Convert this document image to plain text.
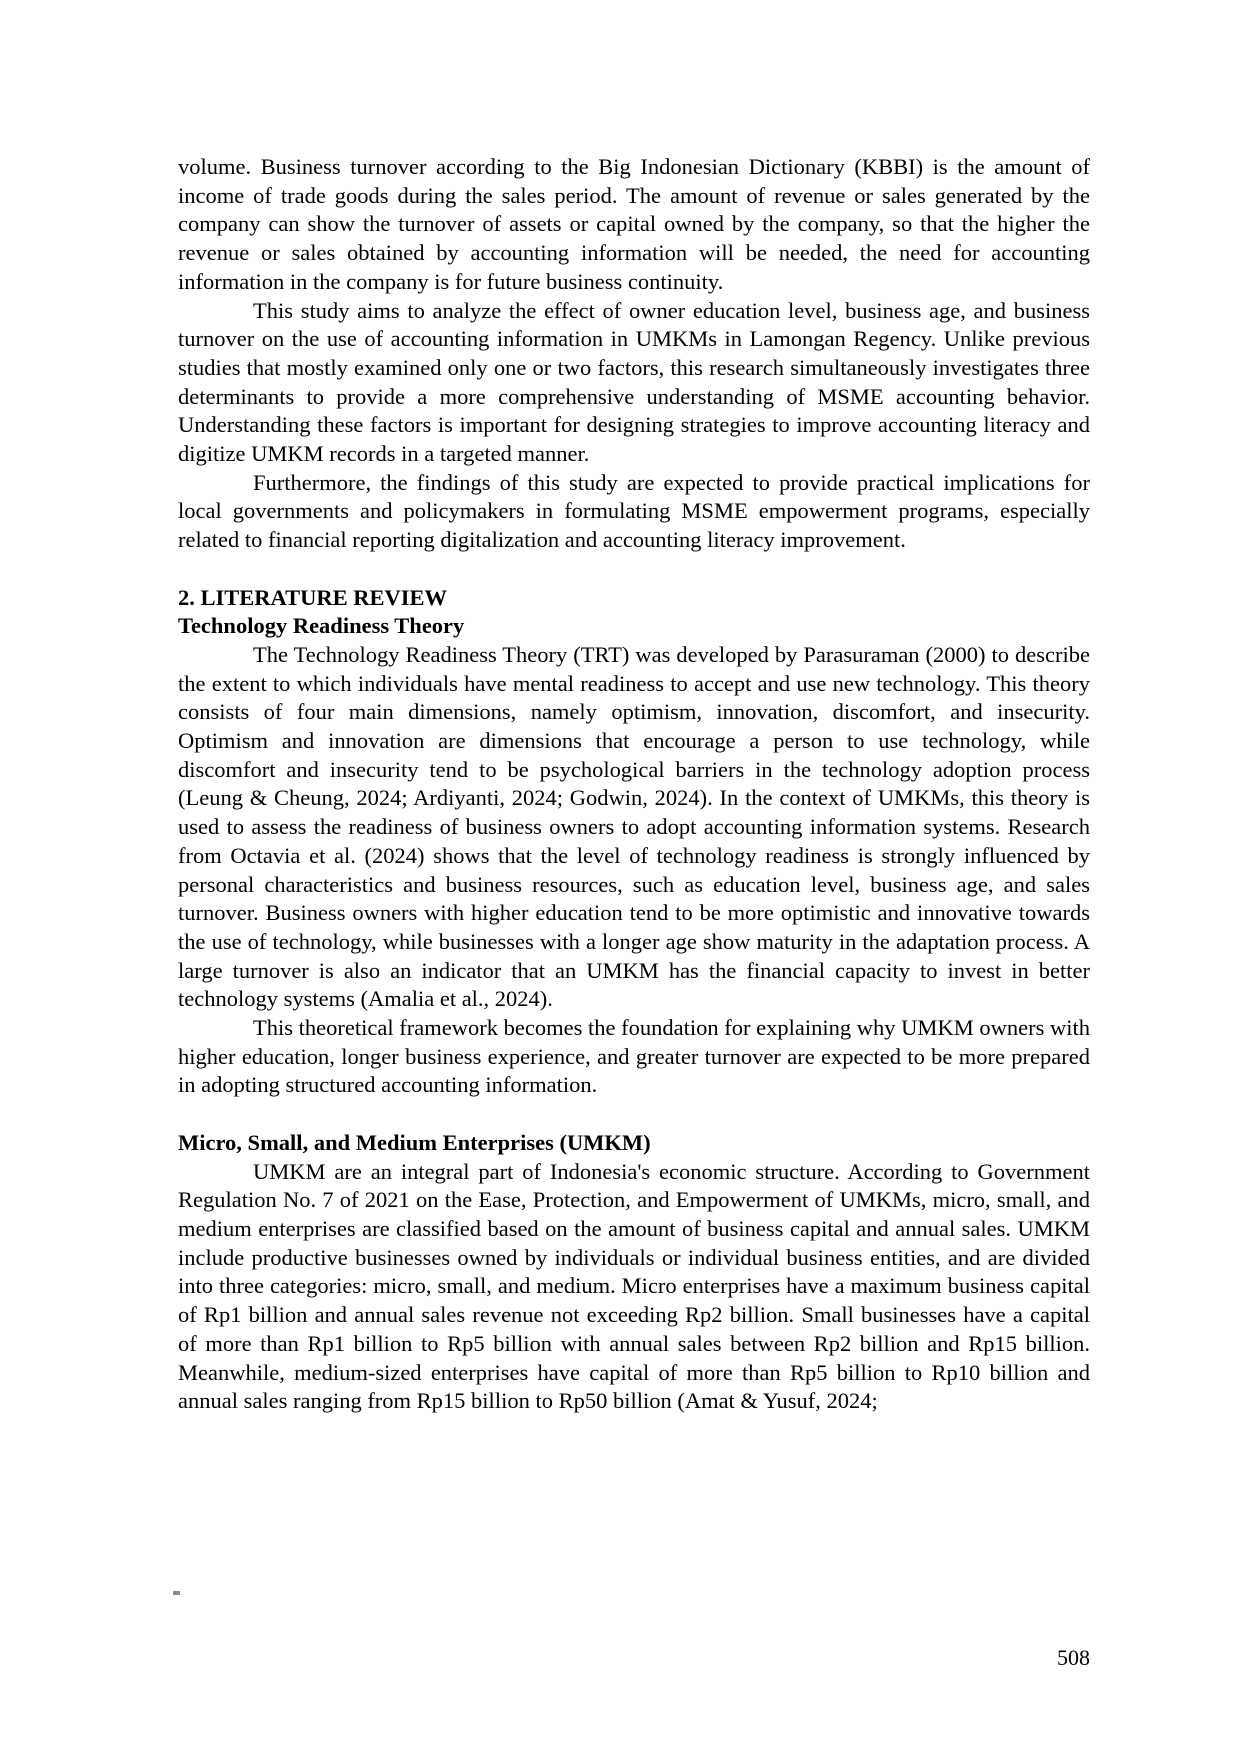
volume. Business turnover according to the Big Indonesian Dictionary (KBBI) is the amount of income of trade goods during the sales period. The amount of revenue or sales generated by the company can show the turnover of assets or capital owned by the company, so that the higher the revenue or sales obtained by accounting information will be needed, the need for accounting information in the company is for future business continuity.

This study aims to analyze the effect of owner education level, business age, and business turnover on the use of accounting information in UMKMs in Lamongan Regency. Unlike previous studies that mostly examined only one or two factors, this research simultaneously investigates three determinants to provide a more comprehensive understanding of MSME accounting behavior. Understanding these factors is important for designing strategies to improve accounting literacy and digitize UMKM records in a targeted manner.

Furthermore, the findings of this study are expected to provide practical implications for local governments and policymakers in formulating MSME empowerment programs, especially related to financial reporting digitalization and accounting literacy improvement.

2. LITERATURE REVIEW
Technology Readiness Theory

The Technology Readiness Theory (TRT) was developed by Parasuraman (2000) to describe the extent to which individuals have mental readiness to accept and use new technology. This theory consists of four main dimensions, namely optimism, innovation, discomfort, and insecurity. Optimism and innovation are dimensions that encourage a person to use technology, while discomfort and insecurity tend to be psychological barriers in the technology adoption process (Leung & Cheung, 2024; Ardiyanti, 2024; Godwin, 2024). In the context of UMKMs, this theory is used to assess the readiness of business owners to adopt accounting information systems. Research from Octavia et al. (2024) shows that the level of technology readiness is strongly influenced by personal characteristics and business resources, such as education level, business age, and sales turnover. Business owners with higher education tend to be more optimistic and innovative towards the use of technology, while businesses with a longer age show maturity in the adaptation process. A large turnover is also an indicator that an UMKM has the financial capacity to invest in better technology systems (Amalia et al., 2024).

This theoretical framework becomes the foundation for explaining why UMKM owners with higher education, longer business experience, and greater turnover are expected to be more prepared in adopting structured accounting information.

Micro, Small, and Medium Enterprises (UMKM)

UMKM are an integral part of Indonesia's economic structure. According to Government Regulation No. 7 of 2021 on the Ease, Protection, and Empowerment of UMKMs, micro, small, and medium enterprises are classified based on the amount of business capital and annual sales. UMKM include productive businesses owned by individuals or individual business entities, and are divided into three categories: micro, small, and medium. Micro enterprises have a maximum business capital of Rp1 billion and annual sales revenue not exceeding Rp2 billion. Small businesses have a capital of more than Rp1 billion to Rp5 billion with annual sales between Rp2 billion and Rp15 billion. Meanwhile, medium-sized enterprises have capital of more than Rp5 billion to Rp10 billion and annual sales ranging from Rp15 billion to Rp50 billion (Amat & Yusuf, 2024;

508
